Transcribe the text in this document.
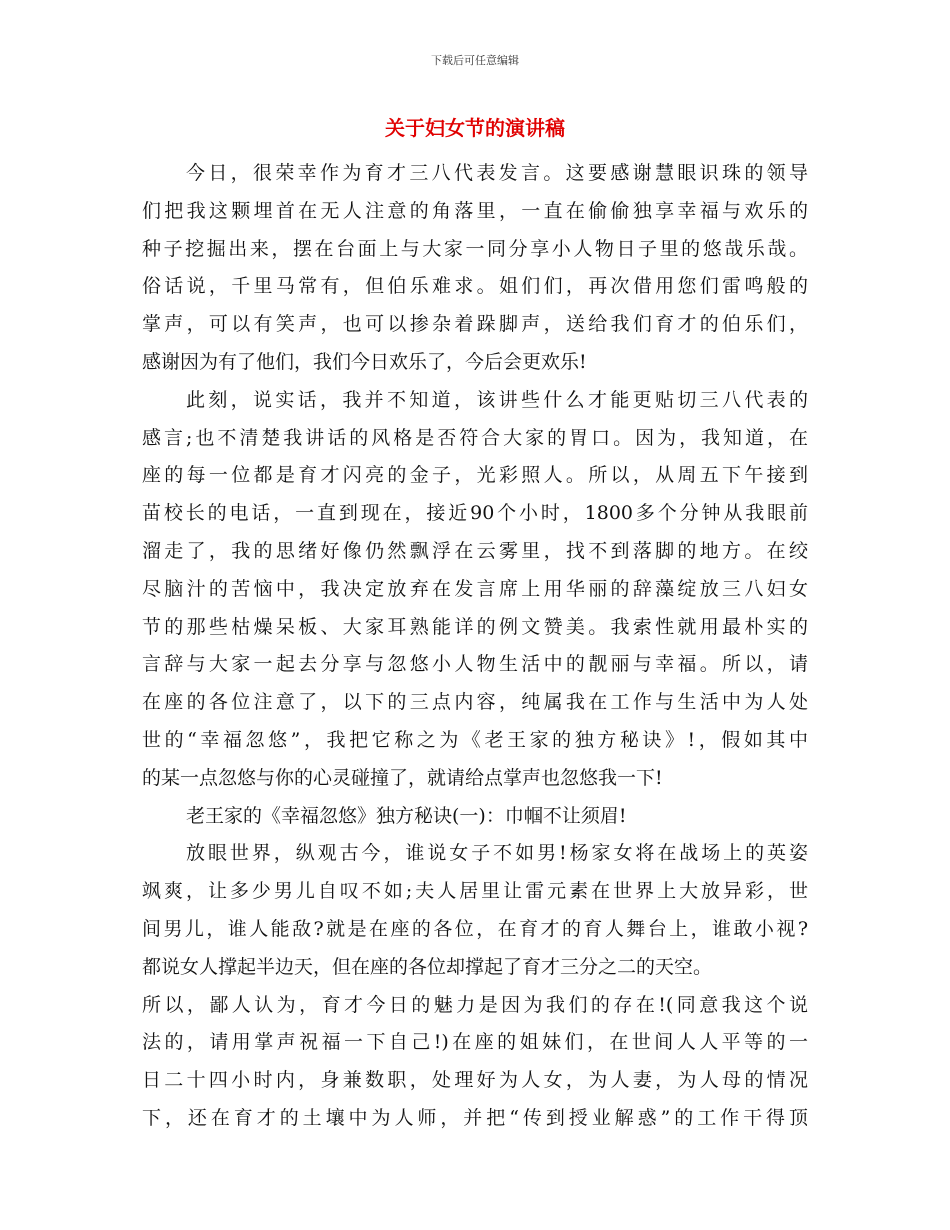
下载后可任意编辑
关于妇女节的演讲稿
今日，很荣幸作为育才三八代表发言。这要感谢慧眼识珠的领导
们把我这颗埋首在无人注意的角落里，一直在偷偷独享幸福与欢乐的
种子挖掘出来，摆在台面上与大家一同分享小人物日子里的悠哉乐哉。
俗话说，千里马常有，但伯乐难求。姐们们，再次借用您们雷鸣般的
掌声，可以有笑声，也可以掺杂着跺脚声，送给我们育才的伯乐们，
感谢因为有了他们，我们今日欢乐了，今后会更欢乐!
此刻，说实话，我并不知道，该讲些什么才能更贴切三八代表的
感言;也不清楚我讲话的风格是否符合大家的胃口。因为，我知道，在
座的每一位都是育才闪亮的金子，光彩照人。所以，从周五下午接到
苗校长的电话，一直到现在，接近90个小时，1800多个分钟从我眼前
溜走了，我的思绪好像仍然飘浮在云雾里，找不到落脚的地方。在绞
尽脑汁的苦恼中，我决定放弃在发言席上用华丽的辞藻绽放三八妇女
节的那些枯燥呆板、大家耳熟能详的例文赞美。我索性就用最朴实的
言辞与大家一起去分享与忽悠小人物生活中的靓丽与幸福。所以，请
在座的各位注意了，以下的三点内容，纯属我在工作与生活中为人处
世的“幸福忽悠”，我把它称之为《老王家的独方秘诀》!，假如其中
的某一点忽悠与你的心灵碰撞了，就请给点掌声也忽悠我一下!
老王家的《幸福忽悠》独方秘诀(一)：巾帼不让须眉!
放眼世界，纵观古今，谁说女子不如男!杨家女将在战场上的英姿
飒爽，让多少男儿自叹不如;夫人居里让雷元素在世界上大放异彩，世
间男儿，谁人能敌?就是在座的各位，在育才的育人舞台上，谁敢小视?
都说女人撑起半边天，但在座的各位却撑起了育才三分之二的天空。
所以，鄙人认为，育才今日的魅力是因为我们的存在!(同意我这个说
法的，请用掌声祝福一下自己!)在座的姐妹们，在世间人人平等的一
日二十四小时内，身兼数职，处理好为人女，为人妻，为人母的情况
下，还在育才的土壤中为人师，并把“传到授业解惑”的工作干得顶
